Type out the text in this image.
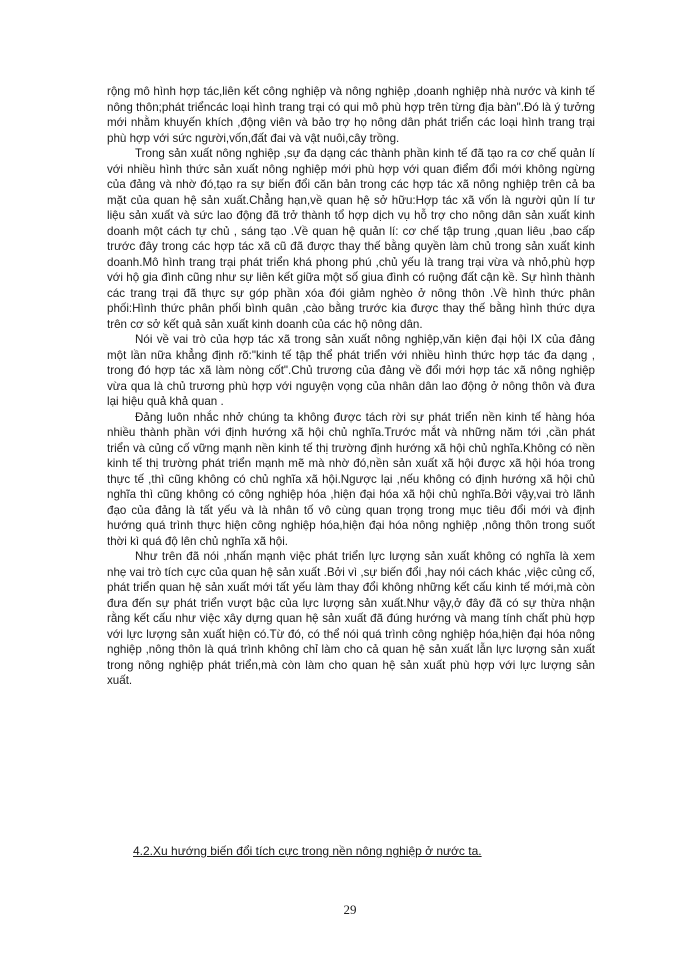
rộng mô hình hợp tác,liên kết công nghiệp và nông nghiệp ,doanh nghiệp nhà nước và kinh tế nông thôn;phát triểncác loại hình trang trại có qui mô phù hợp trên từng địa bàn".Đó là ý tưởng mới nhằm khuyến khích ,động viên và bảo trợ họ nông dân phát triển các loại hình trang trại phù hợp với sức người,vốn,đất đai và vật nuôi,cây trồng.

Trong sản xuất nông nghiệp ,sự đa dạng các thành phần kinh tế đã tạo ra cơ chế quản lí với nhiều hình thức sản xuất nông nghiệp mới phù hợp với quan điểm đổi mới không ngừng của đảng và nhờ đó,tạo ra sự biến đổi căn bản trong các hợp tác xã nông nghiệp trên cả ba mặt của quan hệ sản xuất.Chẳng hạn,về quan hệ sở hữu:Hợp tác xã vốn là người qủn lí tư liệu sản xuất và sức lao động đã trở thành tổ hợp dịch vụ hỗ trợ cho nông dân sản xuất kinh doanh một cách tự chủ , sáng tạo .Về quan hệ quản lí: cơ chế tập trung ,quan liêu ,bao cấp trước đây trong các hợp tác xã cũ đã được thay thế bằng quyền làm chủ trong sản xuất kinh doanh.Mô hình trang trại phát triển khá phong phú ,chủ yếu là trang trại vừa và nhỏ,phù hợp với hộ gia đình cũng như sự liên kết giữa một số giua đình có ruộng đất cận kề. Sự hình thành các trang trại đã thực sự góp phần xóa đói giảm nghèo ở nông thôn .Về hình thức phân phối:Hình thức phân phối bình quân ,cào bằng trước kia được thay thế bằng hình thức dựa trên cơ sở kết quả sản xuất kinh doanh của các hộ nông dân.

Nói về vai trò của hợp tác xã trong sản xuất nông nghiệp,văn kiện đại hội IX của đảng một lần nữa khẳng định rõ:"kinh tế tập thể phát triển với nhiều hình thức hợp tác đa dạng , trong đó hợp tác xã làm nòng cốt".Chủ trương của đảng về đổi mới hợp tác xã nông nghiệp vừa qua là chủ trương phù hợp với nguyện vọng của nhân dân lao động ở nông thôn và đưa lại hiệu quả khả quan .

Đảng luôn nhắc nhở chúng ta không được tách rời sự phát triển nền kinh tế hàng hóa nhiều thành phần với định hướng xã hội chủ nghĩa.Trước mắt và những năm tới ,cần phát triển và củng cố vững mạnh nền kinh tế thị trường định hướng xã hội chủ nghĩa.Không có nền kinh tế thị trường phát triển mạnh mẽ mà nhờ đó,nền sản xuất xã hội được xã hội hóa trong thực tế ,thì cũng không có chủ nghĩa xã hội.Ngược lại ,nếu không có định hướng xã hội chủ nghĩa thì cũng không có công nghiệp hóa ,hiện đại hóa xã hội chủ nghĩa.Bởi vậy,vai trò lãnh đạo của đảng là tất yếu và là nhân tố vô cùng quan trọng trong mục tiêu đổi mới và định hướng quá trình thực hiện công nghiệp hóa,hiện đại hóa nông nghiệp ,nông thôn trong suốt thời kì quá độ lên chủ nghĩa xã hội.

Như trên đã nói ,nhấn mạnh việc phát triển lực lượng sản xuất không có nghĩa là xem nhẹ vai trò tích cực của quan hệ sản xuất .Bởi vì ,sự biến đổi ,hay nói cách khác ,việc củng cố, phát triển quan hệ sản xuất mới tất yếu làm thay đổi không những kết cấu kinh tế mới,mà còn đưa đến sự phát triển vượt bậc của lực lượng sản xuất.Như vậy,ở đây đã có sự thừa nhận rằng kết cấu như việc xây dựng quan hệ sản xuất đã đúng hướng và mang tính chất phù hợp với lực lượng sản xuất hiện có.Từ đó, có thể nói quá trình công nghiệp hóa,hiện đại hóa nông nghiệp ,nông thôn là quá trình không chỉ làm cho cả quan hệ sản xuất lẫn lực lượng sản xuất trong nông nghiệp phát triển,mà còn làm cho quan hệ sản xuất phù hợp với lực lượng sản xuất.

4.2.Xu hướng biến đổi tích cực trong nền nông nghiệp ở nước ta.
29
